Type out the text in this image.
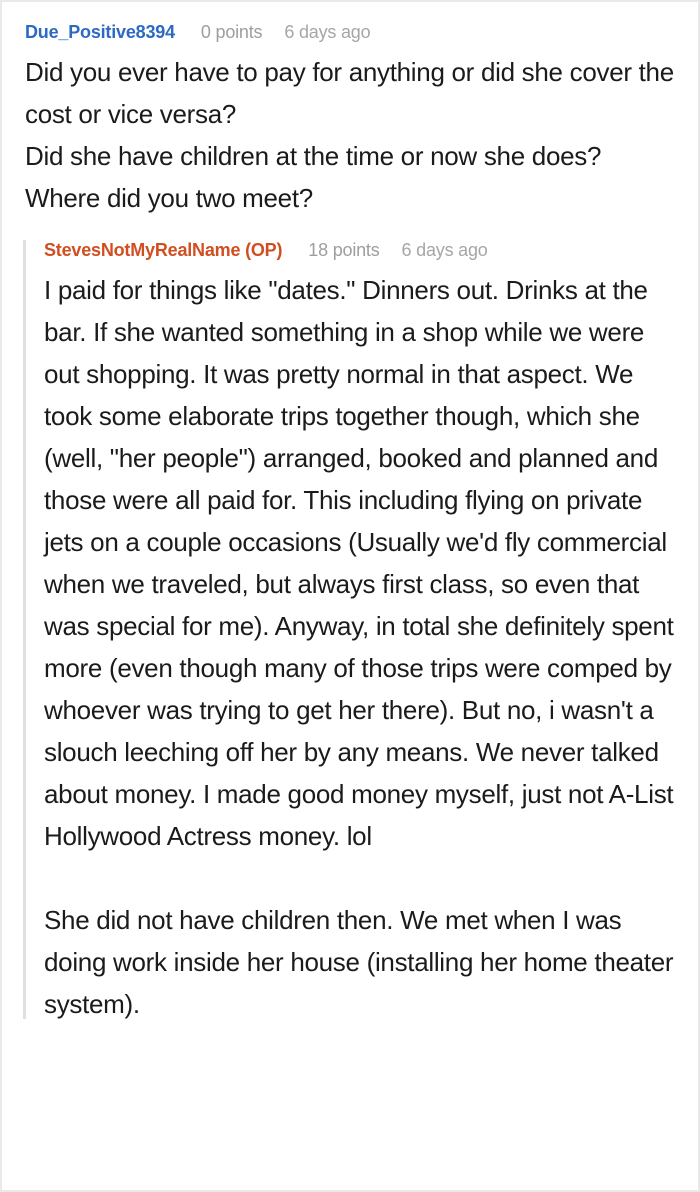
Due_Positive8394 0 points 6 days ago
Did you ever have to pay for anything or did she cover the cost or vice versa?
Did she have children at the time or now she does?
Where did you two meet?
StevesNotMyRealName (OP) 18 points 6 days ago

I paid for things like "dates." Dinners out. Drinks at the bar. If she wanted something in a shop while we were out shopping. It was pretty normal in that aspect. We took some elaborate trips together though, which she (well, "her people") arranged, booked and planned and those were all paid for. This including flying on private jets on a couple occasions (Usually we'd fly commercial when we traveled, but always first class, so even that was special for me). Anyway, in total she definitely spent more (even though many of those trips were comped by whoever was trying to get her there). But no, i wasn't a slouch leeching off her by any means. We never talked about money. I made good money myself, just not A-List Hollywood Actress money. lol

She did not have children then. We met when I was doing work inside her house (installing her home theater system).
